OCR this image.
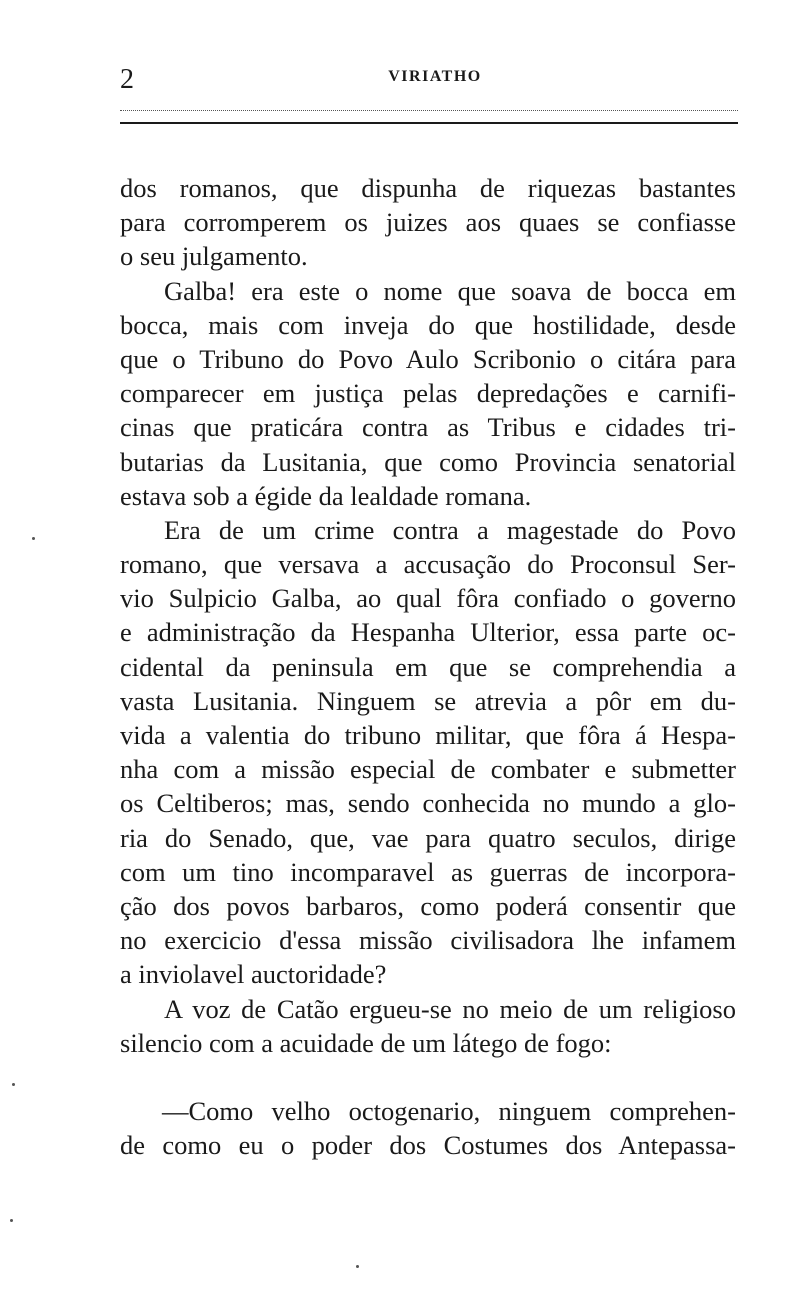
2	VIRIATHO
dos romanos, que dispunha de riquezas bastantes
para corromperem os juizes aos quaes se confiasse
o seu julgamento.
Galba! era este o nome que soava de bocca em
bocca, mais com inveja do que hostilidade, desde
que o Tribuno do Povo Aulo Scribonio o citára para
comparecer em justiça pelas depredações e carnifi-
cinas que praticára contra as Tribus e cidades tri-
butarias da Lusitania, que como Provincia senatorial
estava sob a égide da lealdade romana.
Era de um crime contra a magestade do Povo
romano, que versava a accusação do Proconsul Ser-
vio Sulpicio Galba, ao qual fôra confiado o governo
e administração da Hespanha Ulterior, essa parte oc-
cidental da peninsula em que se comprehendia a
vasta Lusitania. Ninguem se atrevia a pôr em du-
vida a valentia do tribuno militar, que fôra á Hespa-
nha com a missão especial de combater e submetter
os Celtiberos; mas, sendo conhecida no mundo a glo-
ria do Senado, que, vae para quatro seculos, dirige
com um tino incomparavel as guerras de incorpora-
ção dos povos barbaros, como poderá consentir que
no exercicio d'essa missão civilisadora lhe infamem
a inviolavel auctoridade?
A voz de Catão ergueu-se no meio de um religioso
silencio com a acuidade de um látego de fogo:
—Como velho octogenario, ninguem comprehen-
de como eu o poder dos Costumes dos Antepassa-
